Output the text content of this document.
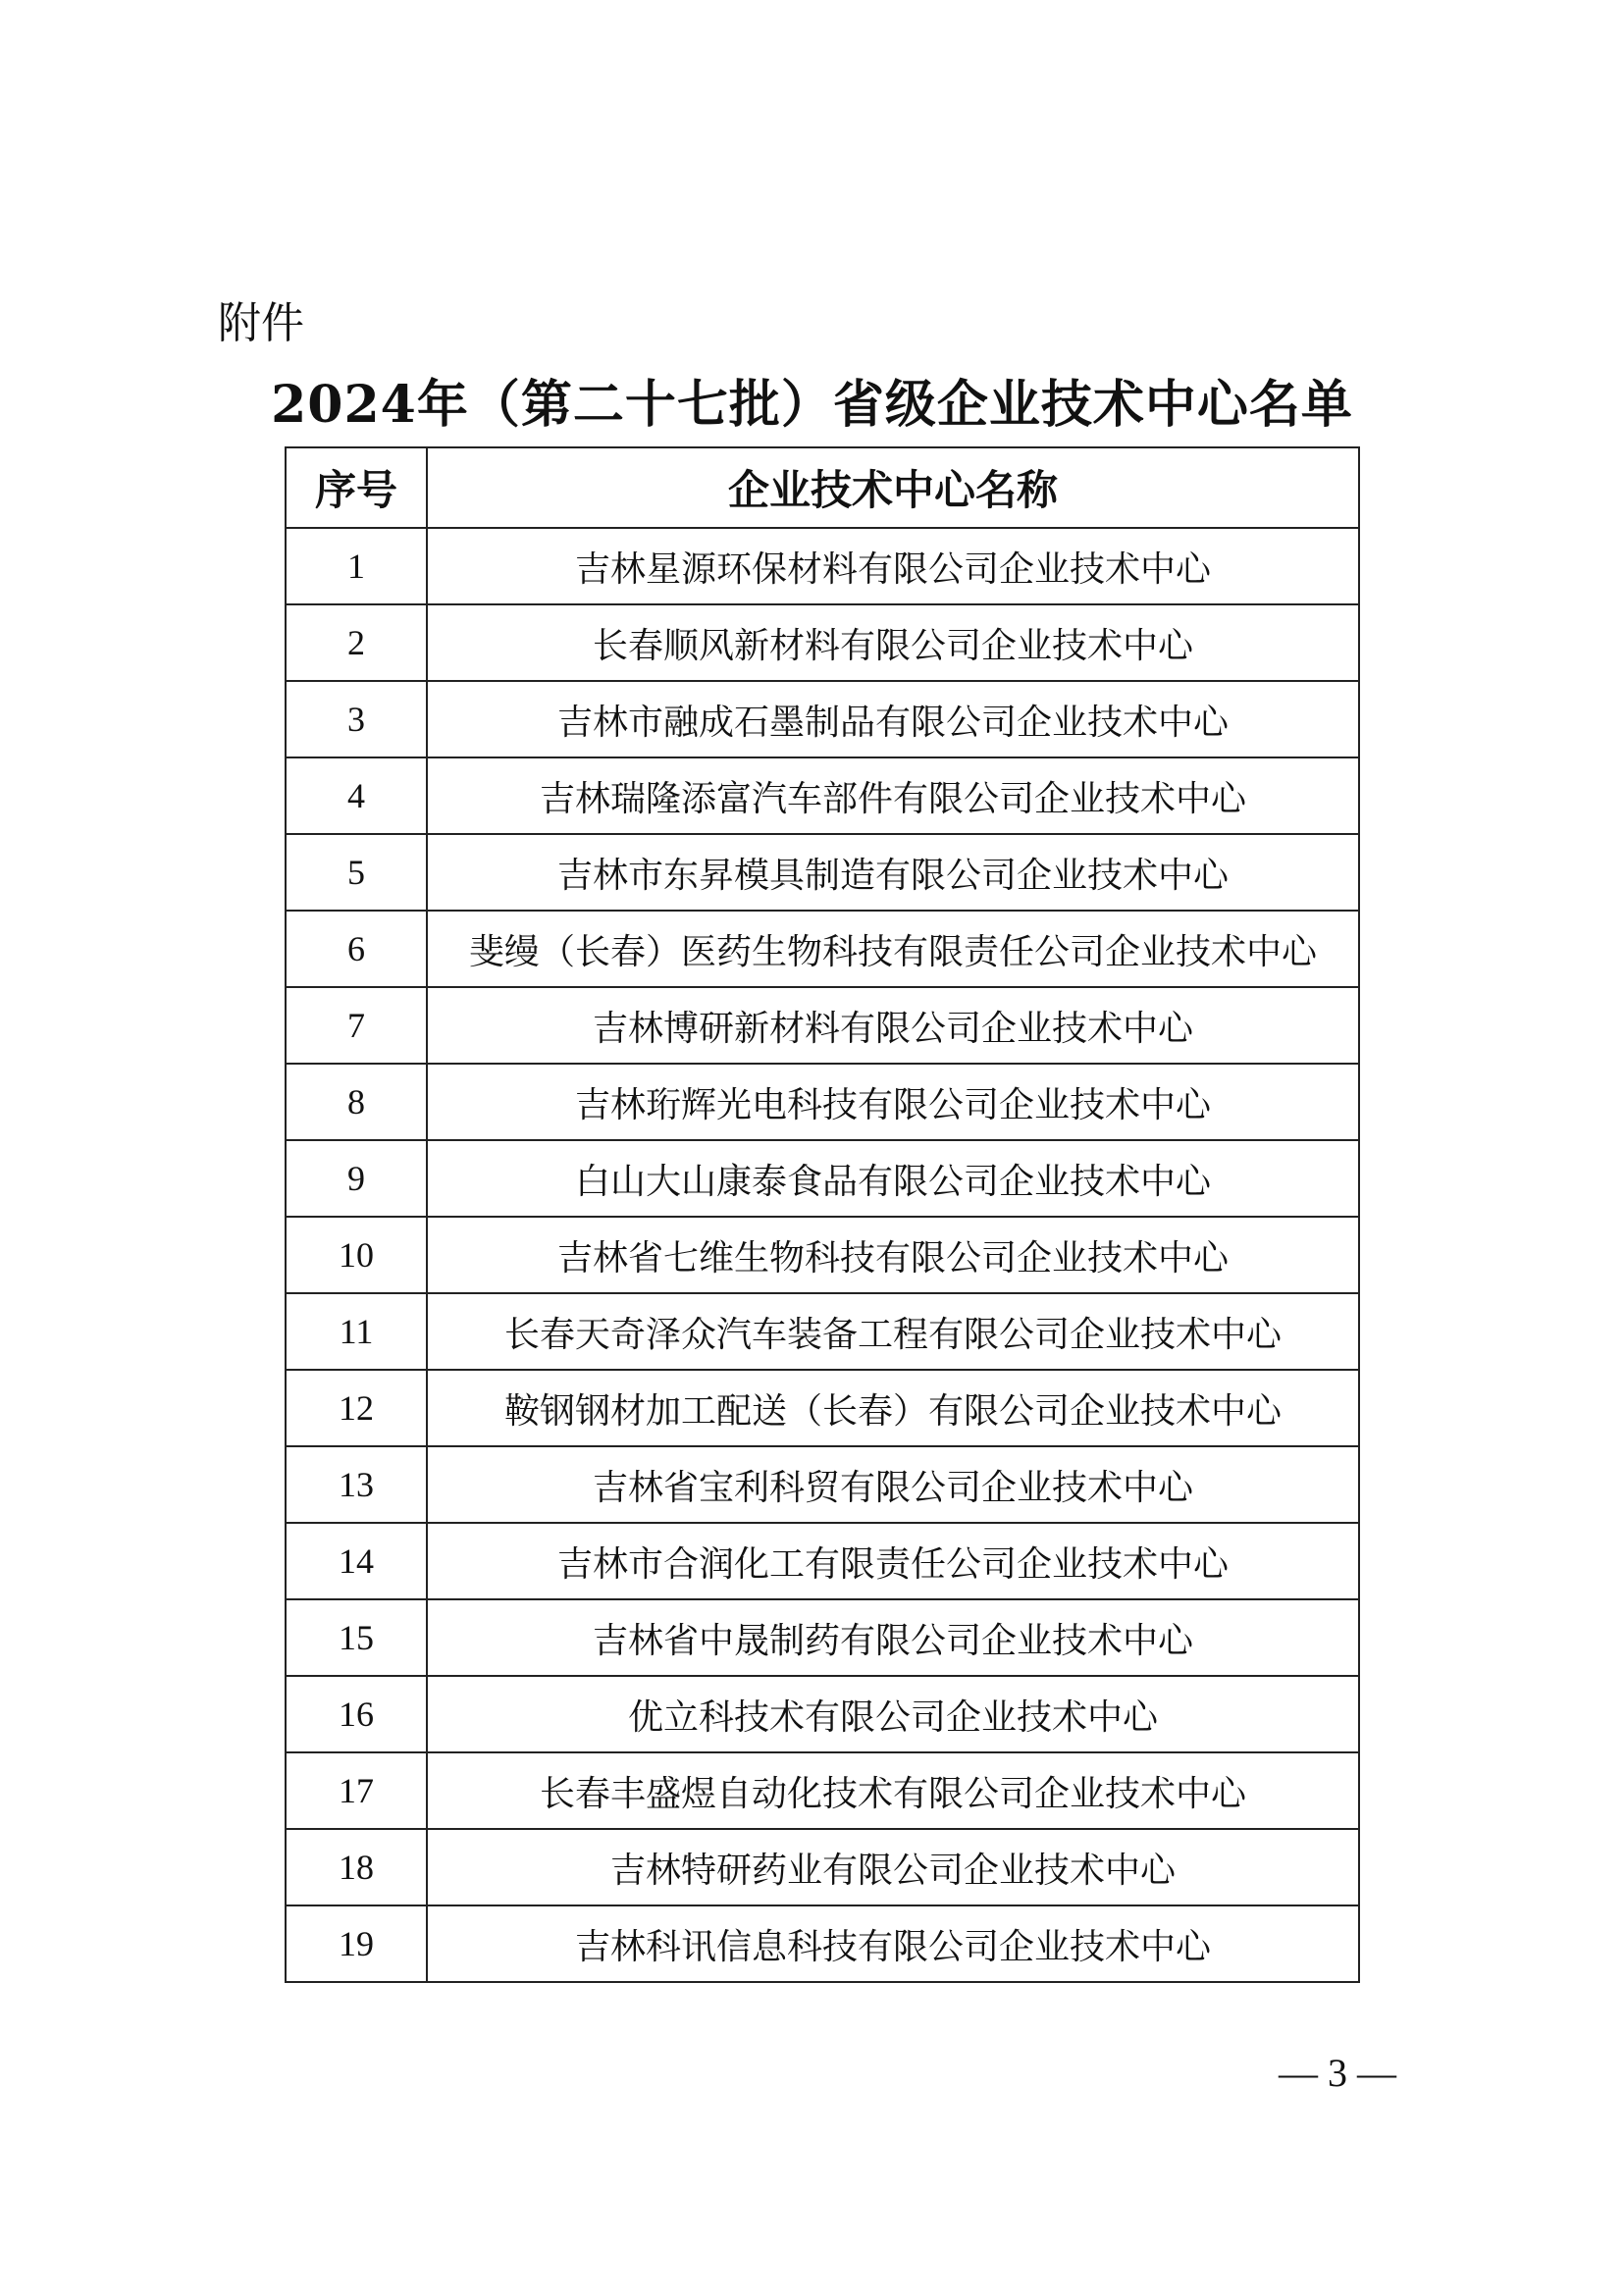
附件
2024年（第二十七批）省级企业技术中心名单
序号	企业技术中心名称
1	吉林星源环保材料有限公司企业技术中心
2	长春顺风新材料有限公司企业技术中心
3	吉林市融成石墨制品有限公司企业技术中心
4	吉林瑞隆添富汽车部件有限公司企业技术中心
5	吉林市东昇模具制造有限公司企业技术中心
6	斐缦（长春）医药生物科技有限责任公司企业技术中心
7	吉林博研新材料有限公司企业技术中心
8	吉林珩辉光电科技有限公司企业技术中心
9	白山大山康泰食品有限公司企业技术中心
10	吉林省七维生物科技有限公司企业技术中心
11	长春天奇泽众汽车装备工程有限公司企业技术中心
12	鞍钢钢材加工配送（长春）有限公司企业技术中心
13	吉林省宝利科贸有限公司企业技术中心
14	吉林市合润化工有限责任公司企业技术中心
15	吉林省中晟制药有限公司企业技术中心
16	优立科技术有限公司企业技术中心
17	长春丰盛煜自动化技术有限公司企业技术中心
18	吉林特研药业有限公司企业技术中心
19	吉林科讯信息科技有限公司企业技术中心
— 3 —
